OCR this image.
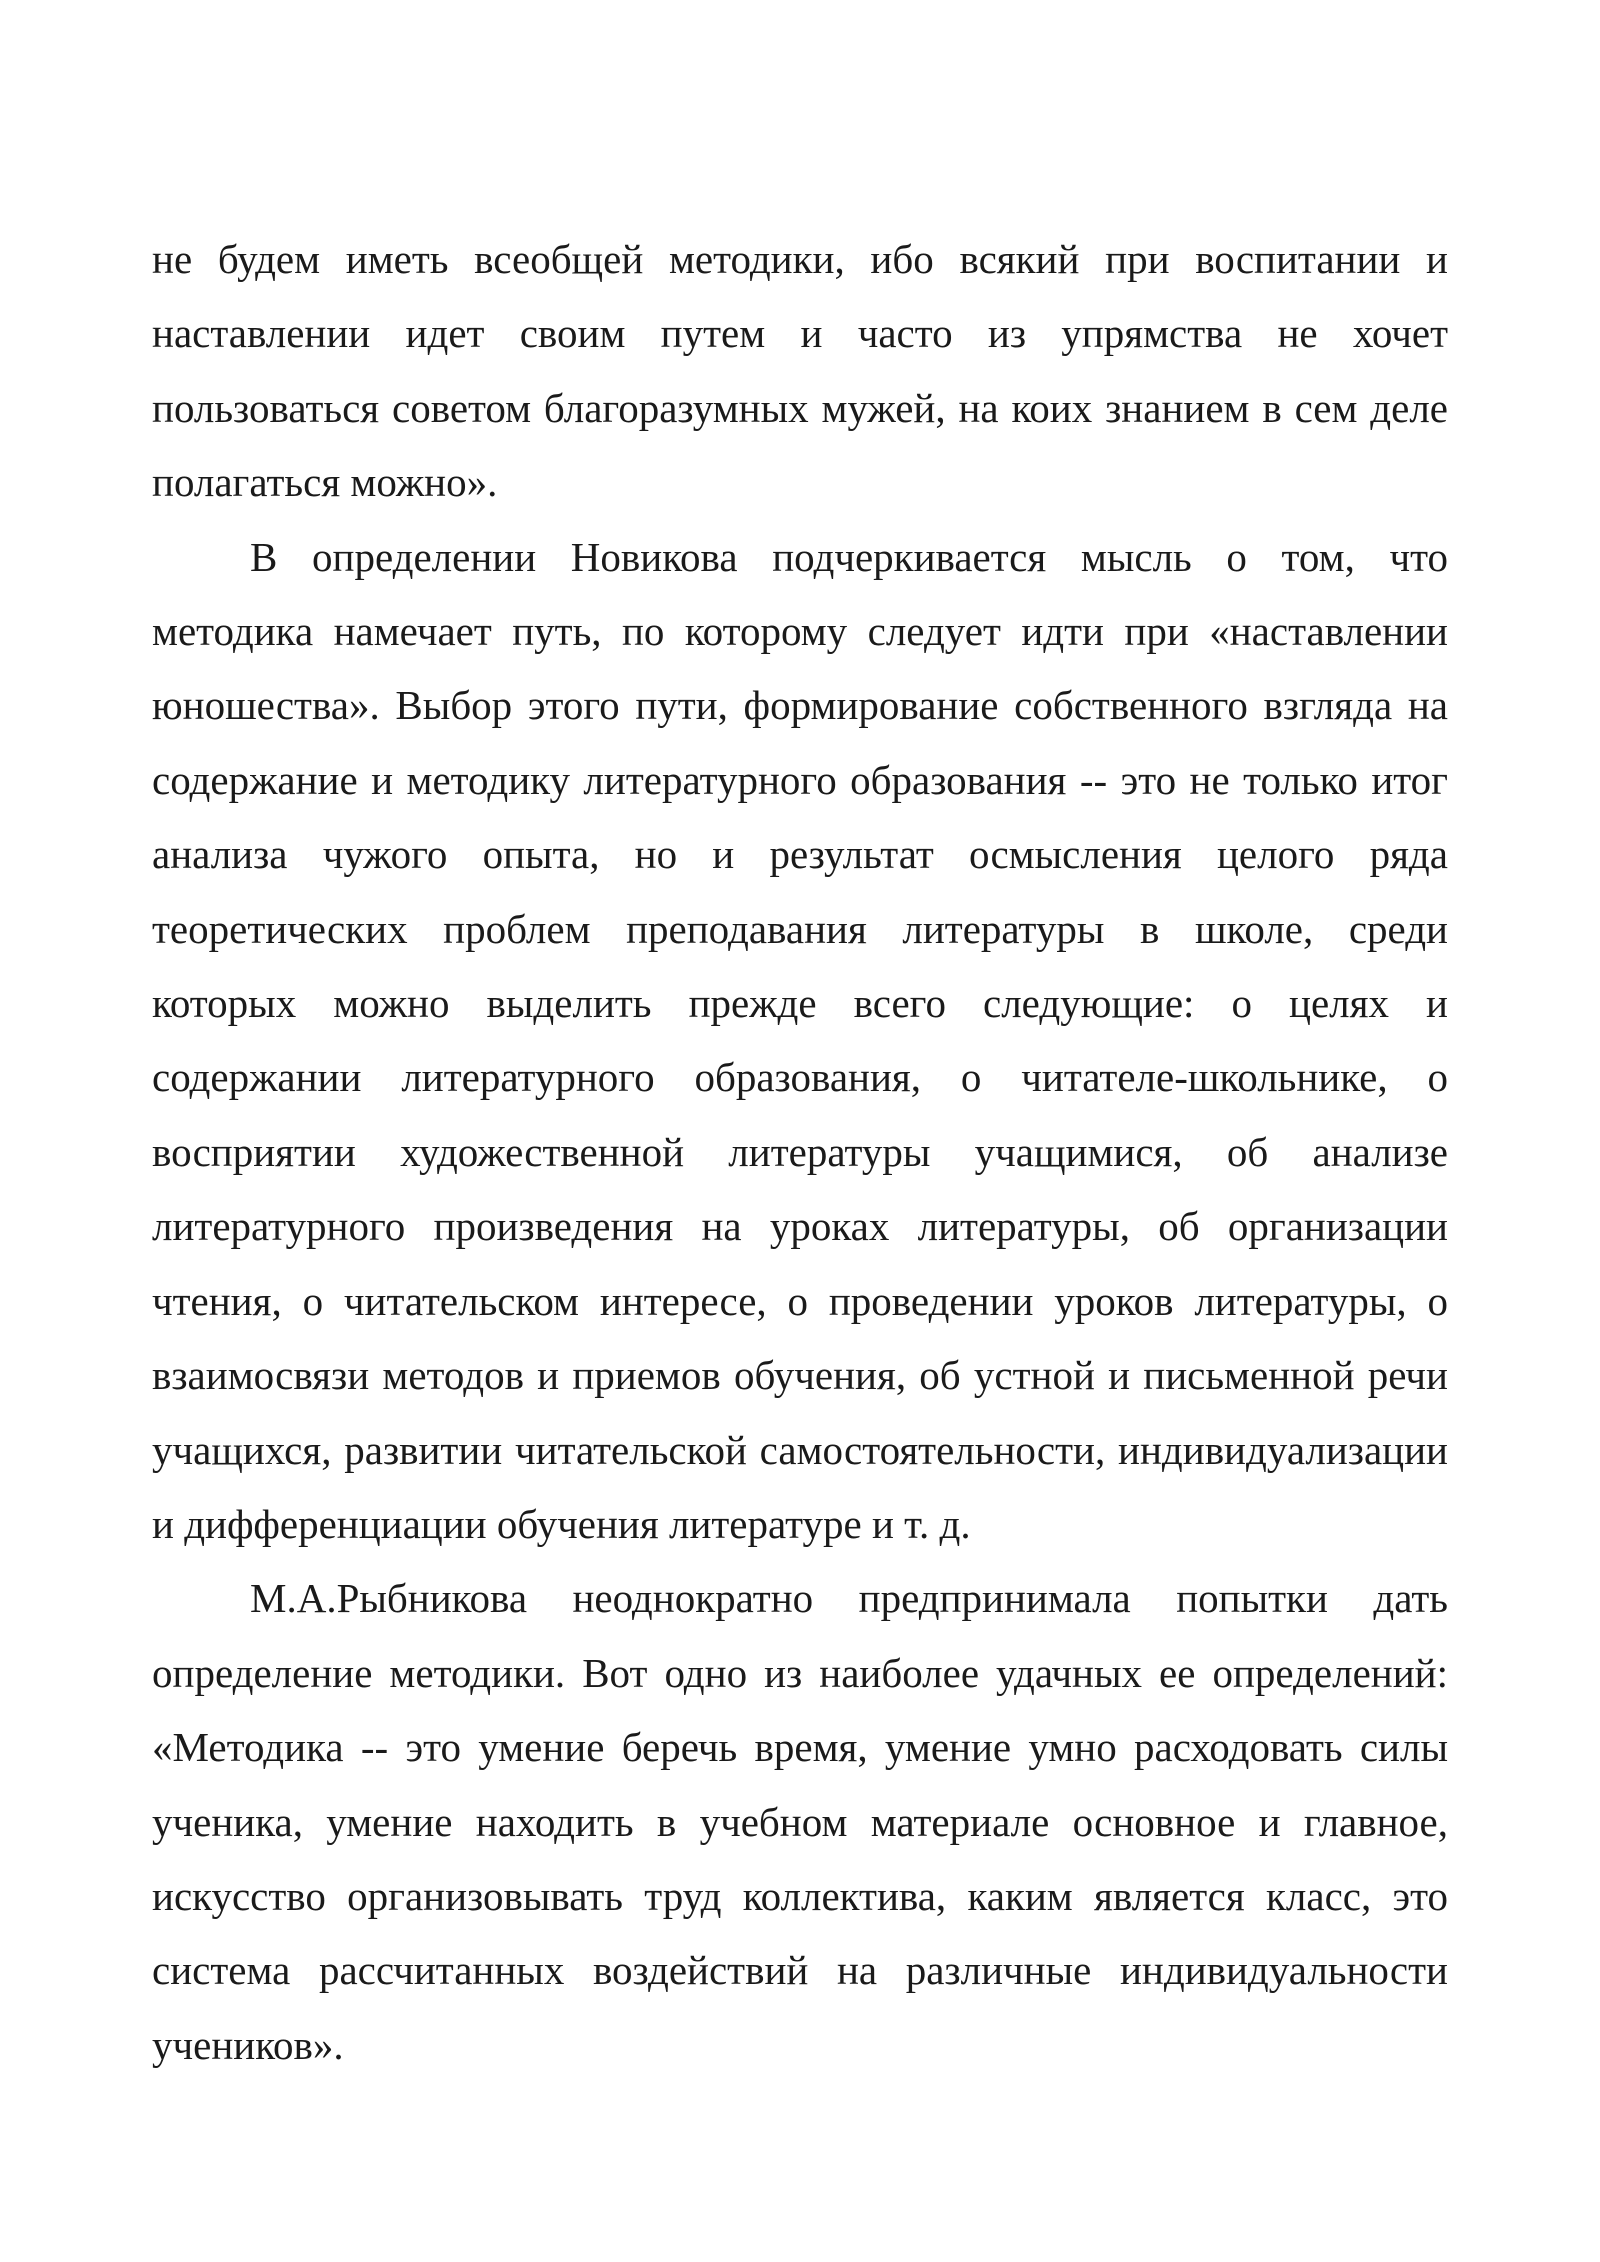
не будем иметь всеобщей методики, ибо всякий при воспитании и наставлении идет своим путем и часто из упрямства не хочет пользоваться советом благоразумных мужей, на коих знанием в сем деле полагаться можно».

В определении Новикова подчеркивается мысль о том, что методика намечает путь, по которому следует идти при «наставлении юношества». Выбор этого пути, формирование собственного взгляда на содержание и методику литературного образования -- это не только итог анализа чужого опыта, но и результат осмысления целого ряда теоретических проблем преподавания литературы в школе, среди которых можно выделить прежде всего следующие: о целях и содержании литературного образования, о читателе-школьнике, о восприятии художественной литературы учащимися, об анализе литературного произведения на уроках литературы, об организации чтения, о читательском интересе, о проведении уроков литературы, о взаимосвязи методов и приемов обучения, об устной и письменной речи учащихся, развитии читательской самостоятельности, индивидуализации и дифференциации обучения литературе и т. д.

М.А.Рыбникова неоднократно предпринимала попытки дать определение методики. Вот одно из наиболее удачных ее определений: «Методика -- это умение беречь время, умение умно расходовать силы ученика, умение находить в учебном материале основное и главное, искусство организовывать труд коллектива, каким является класс, это система рассчитанных воздействий на различные индивидуальности учеников».
